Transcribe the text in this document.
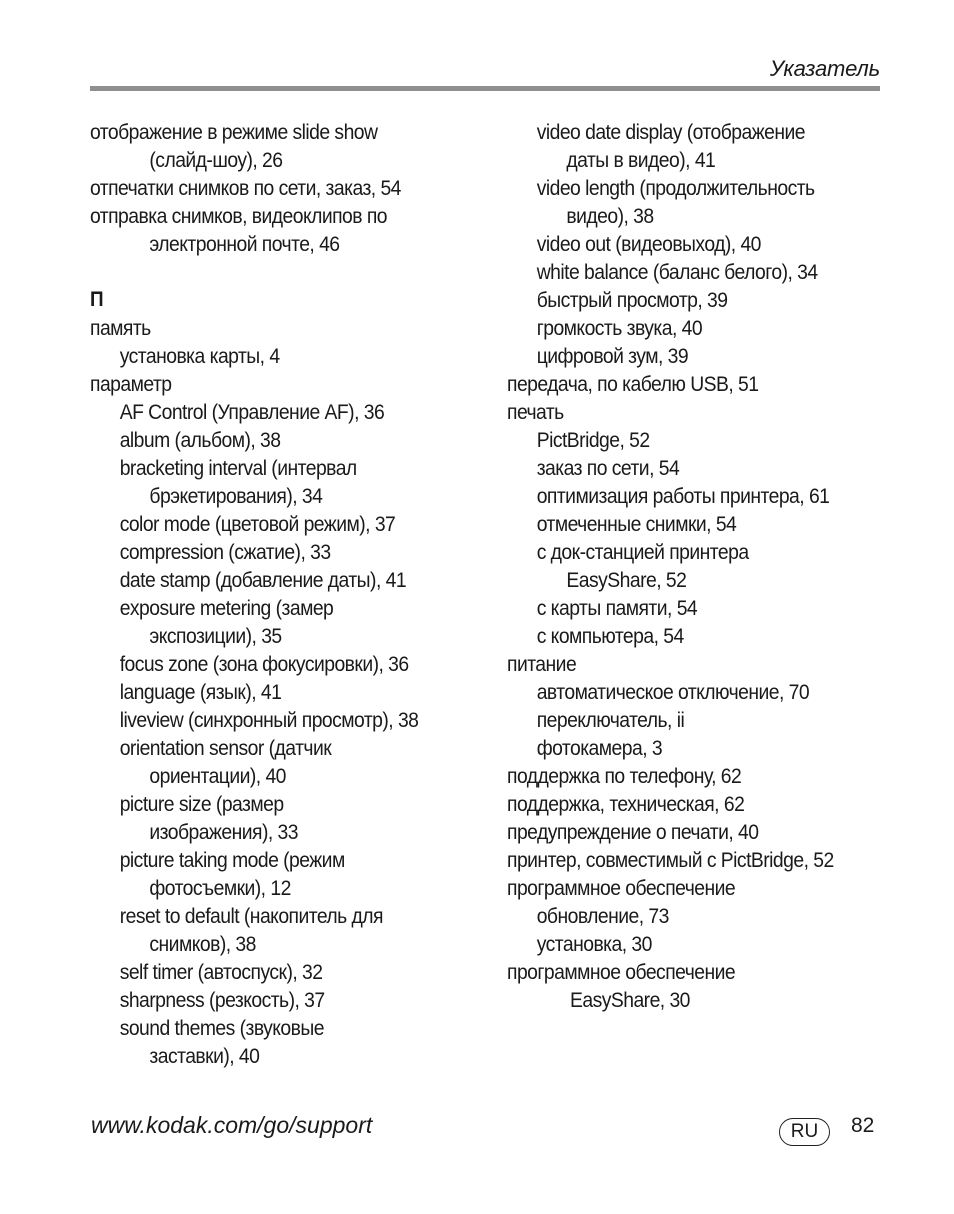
Указатель
отображение в режиме slide show
(слайд-шоу), 26
отпечатки снимков по сети, заказ, 54
отправка снимков, видеоклипов по
электронной почте, 46
П
память
установка карты, 4
параметр
AF Control (Управление AF), 36
album (альбом), 38
bracketing interval (интервал
брэкетирования), 34
color mode (цветовой режим), 37
compression (сжатие), 33
date stamp (добавление даты), 41
exposure metering (замер
экспозиции), 35
focus zone (зона фокусировки), 36
language (язык), 41
liveview (синхронный просмотр), 38
orientation sensor (датчик
ориентации), 40
picture size (размер
изображения), 33
picture taking mode (режим
фотосъемки), 12
reset to default (накопитель для
снимков), 38
self timer (автоспуск), 32
sharpness (резкость), 37
sound themes (звуковые
заставки), 40
video date display (отображение
даты в видео), 41
video length (продолжительность
видео), 38
video out (видеовыход), 40
white balance (баланс белого), 34
быстрый просмотр, 39
громкость звука, 40
цифровой зум, 39
передача, по кабелю USB, 51
печать
PictBridge, 52
заказ по сети, 54
оптимизация работы принтера, 61
отмеченные снимки, 54
с док-станцией принтера
EasyShare, 52
с карты памяти, 54
с компьютера, 54
питание
автоматическое отключение, 70
переключатель, ii
фотокамера, 3
поддержка по телефону, 62
поддержка, техническая, 62
предупреждение о печати, 40
принтер, совместимый с PictBridge, 52
программное обеспечение
обновление, 73
установка, 30
программное обеспечение
EasyShare, 30
www.kodak.com/go/support	RU	82
